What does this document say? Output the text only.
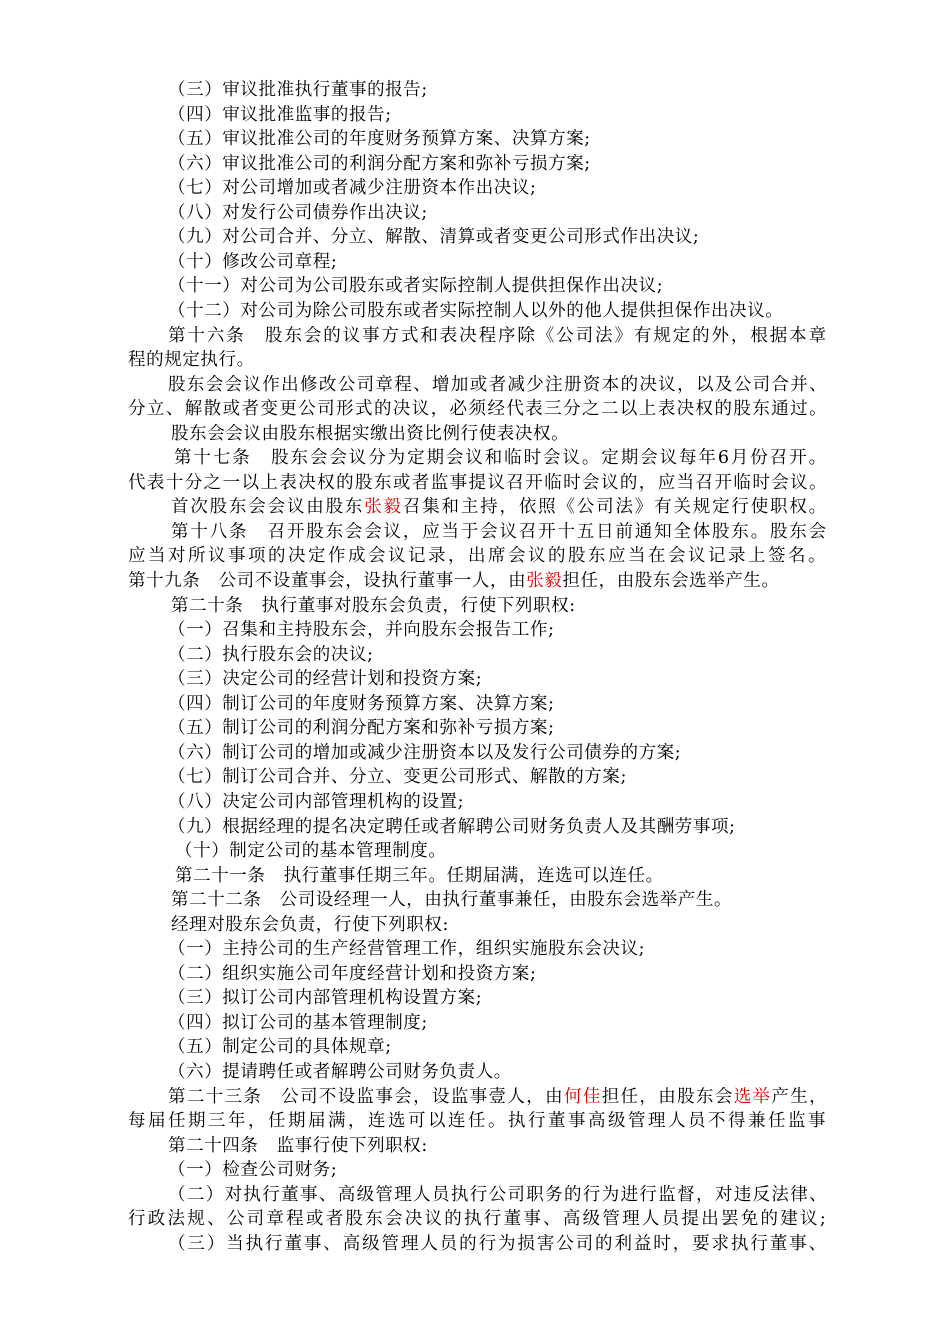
（三）审议批准执行董事的报告;
（四）审议批准监事的报告;
（五）审议批准公司的年度财务预算方案、决算方案;
（六）审议批准公司的利润分配方案和弥补亏损方案;
（七）对公司增加或者减少注册资本作出决议;
（八）对发行公司债券作出决议;
（九）对公司合并、分立、解散、清算或者变更公司形式作出决议;
（十）修改公司章程;
（十一）对公司为公司股东或者实际控制人提供担保作出决议;
（十二）对公司为除公司股东或者实际控制人以外的他人提供担保作出决议。
第十六条　股东会的议事方式和表决程序除《公司法》有规定的外，根据本章
程的规定执行。
股东会会议作出修改公司章程、增加或者减少注册资本的决议，以及公司合并、
分立、解散或者变更公司形式的决议，必须经代表三分之二以上表决权的股东通过。
股东会会议由股东根据实缴出资比例行使表决权。
第十七条　股东会会议分为定期会议和临时会议。定期会议每年6月份召开。
代表十分之一以上表决权的股东或者监事提议召开临时会议的，应当召开临时会议。
首次股东会会议由股东张毅召集和主持，依照《公司法》有关规定行使职权。
第十八条　召开股东会会议，应当于会议召开十五日前通知全体股东。股东会
应当对所议事项的决定作成会议记录，出席会议的股东应当在会议记录上签名。
第十九条　公司不设董事会，设执行董事一人，由张毅担任，由股东会选举产生。
第二十条　执行董事对股东会负责，行使下列职权:
（一）召集和主持股东会，并向股东会报告工作;
（二）执行股东会的决议;
（三）决定公司的经营计划和投资方案;
（四）制订公司的年度财务预算方案、决算方案;
（五）制订公司的利润分配方案和弥补亏损方案;
（六）制订公司的增加或减少注册资本以及发行公司债券的方案;
（七）制订公司合并、分立、变更公司形式、解散的方案;
（八）决定公司内部管理机构的设置;
（九）根据经理的提名决定聘任或者解聘公司财务负责人及其酬劳事项;
（十）制定公司的基本管理制度。
第二十一条　执行董事任期三年。任期届满，连选可以连任。
第二十二条　公司设经理一人，由执行董事兼任，由股东会选举产生。
经理对股东会负责，行使下列职权:
（一）主持公司的生产经营管理工作，组织实施股东会决议;
（二）组织实施公司年度经营计划和投资方案;
（三）拟订公司内部管理机构设置方案;
（四）拟订公司的基本管理制度;
（五）制定公司的具体规章;
（六）提请聘任或者解聘公司财务负责人。
第二十三条　公司不设监事会，设监事壹人，由何佳担任，由股东会选举产生，
每届任期三年，任期届满，连选可以连任。执行董事高级管理人员不得兼任监事
第二十四条　监事行使下列职权:
（一）检查公司财务;
（二）对执行董事、高级管理人员执行公司职务的行为进行监督，对违反法律、
行政法规、公司章程或者股东会决议的执行董事、高级管理人员提出罢免的建议;
（三）当执行董事、高级管理人员的行为损害公司的利益时，要求执行董事、
